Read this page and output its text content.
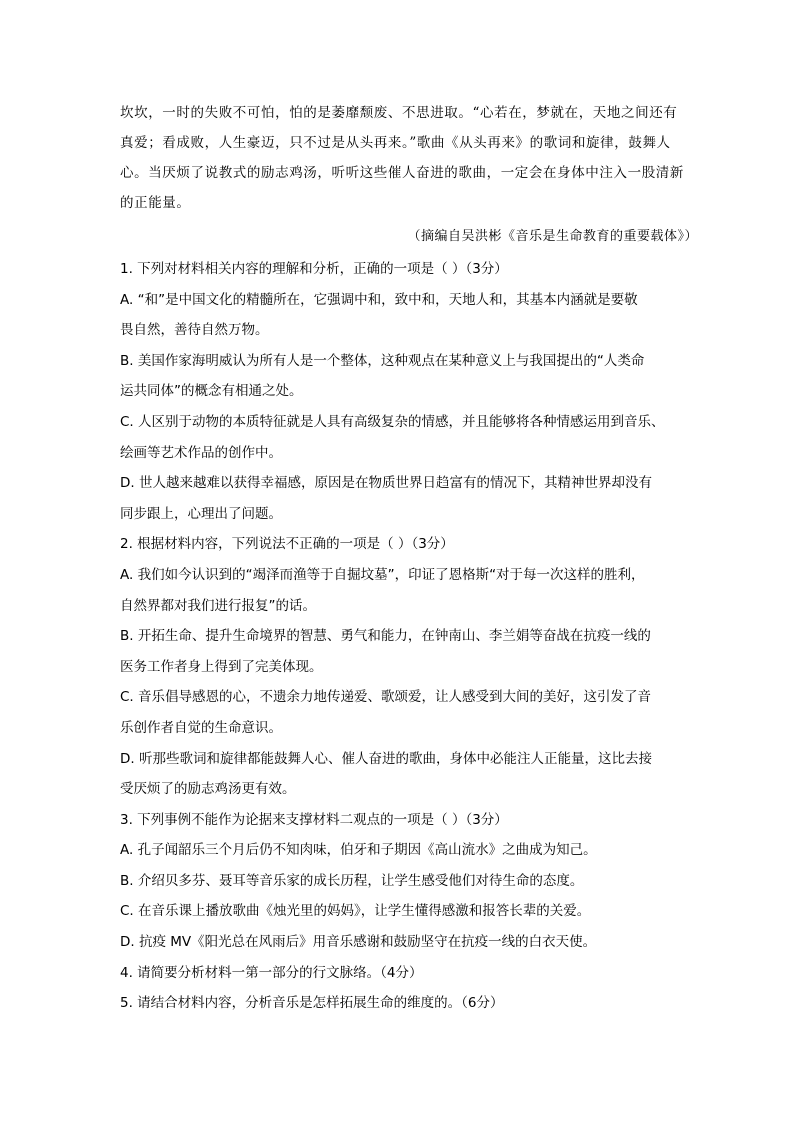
坎坎，一时的失败不可怕，怕的是萎靡颓废、不思进取。“心若在，梦就在，天地之间还有
真爱；看成败，人生豪迈，只不过是从头再来。”歌曲《从头再来》的歌词和旋律，鼓舞人
心。当厌烦了说教式的励志鸡汤，听听这些催人奋进的歌曲，一定会在身体中注入一股清新
的正能量。
（摘编自吴洪彬《音乐是生命教育的重要载体》）
1. 下列对材料相关内容的理解和分析，正确的一项是（ ）（3分）
A. “和”是中国文化的精髓所在，它强调中和，致中和，天地人和，其基本内涵就是要敬
畏自然，善待自然万物。
B. 美国作家海明威认为所有人是一个整体，这种观点在某种意义上与我国提出的“人类命
运共同体”的概念有相通之处。
C. 人区别于动物的本质特征就是人具有高级复杂的情感，并且能够将各种情感运用到音乐、
绘画等艺术作品的创作中。
D. 世人越来越难以获得幸福感，原因是在物质世界日趋富有的情况下，其精神世界却没有
同步跟上，心理出了问题。
2. 根据材料内容，下列说法不正确的一项是（ ）（3分）
A. 我们如今认识到的“竭泽而渔等于自掘坟墓”，印证了恩格斯“对于每一次这样的胜利，
自然界都对我们进行报复”的话。
B. 开拓生命、提升生命境界的智慧、勇气和能力，在钟南山、李兰娟等奋战在抗疫一线的
医务工作者身上得到了完美体现。
C. 音乐倡导感恩的心，不遗余力地传递爱、歌颂爱，让人感受到大间的美好，这引发了音
乐创作者自觉的生命意识。
D. 听那些歌词和旋律都能鼓舞人心、催人奋进的歌曲，身体中必能注人正能量，这比去接
受厌烦了的励志鸡汤更有效。
3. 下列事例不能作为论据来支撑材料二观点的一项是（ ）（3分）
A. 孔子闻韶乐三个月后仍不知肉味，伯牙和子期因《高山流水》之曲成为知己。
B. 介绍贝多芬、聂耳等音乐家的成长历程，让学生感受他们对待生命的态度。
C. 在音乐课上播放歌曲《烛光里的妈妈》，让学生懂得感激和报答长辈的关爱。
D. 抗疫 MV《阳光总在风雨后》用音乐感谢和鼓励坚守在抗疫一线的白衣天使。
4. 请简要分析材料一第一部分的行文脉络。（4分）
5. 请结合材料内容，分析音乐是怎样拓展生命的维度的。（6分）
